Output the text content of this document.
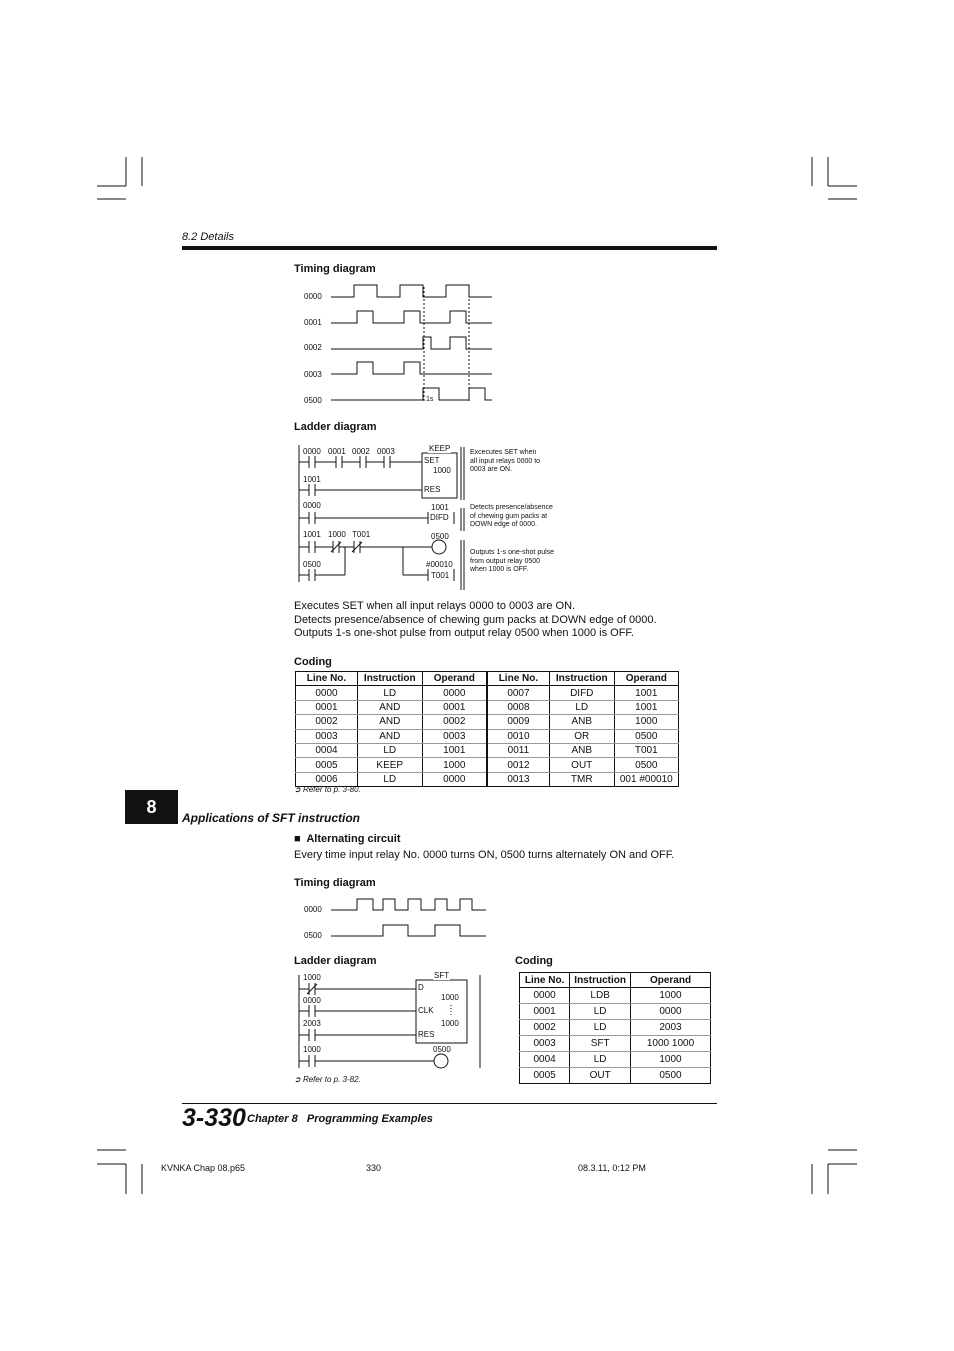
8.2 Details
Timing diagram
0000
0001
0002
0003
0500	1s
Ladder diagram
0000 0001 0002 0003	KEEP
SET
1000
RES
1001
0000	1001
DIFD
1001 1000 T001	0500
0500	#00010
T001
Excecutes SET when
all input relays 0000 to
0003 are ON.
Detects presence/absence
of chewing gum packs at
DOWN edge of 0000.
Outputs 1-s one-shot pulse
from output relay 0500
when 1000 is OFF.
Executes SET when all input relays 0000 to 0003 are ON.
Detects presence/absence of chewing gum packs at DOWN edge of 0000.
Outputs 1-s one-shot pulse from output relay 0500 when 1000 is OFF.
Coding
Line No.	Instruction	Operand	Line No.	Instruction	Operand
0000	LD	0000	0007	DIFD	1001
0001	AND	0001	0008	LD	1001
0002	AND	0002	0009	ANB	1000
0003	AND	0003	0010	OR	0500
0004	LD	1001	0011	ANB	T001
0005	KEEP	1000	0012	OUT	0500
0006	LD	0000	0013	TMR	001 #00010
➲ Refer to p. 3-80.
8
Applications of SFT instruction
■  Alternating circuit
Every time input relay No. 0000 turns ON, 0500 turns alternately ON and OFF.
Timing diagram
0000
0500
Ladder diagram
1000
0000
2003
1000
SFT
D
1000
CLK
1000
RES
0500
➲ Refer to p. 3-82.
Coding
Line No.	Instruction	Operand
0000	LDB	1000
0001	LD	0000
0002	LD	2003
0003	SFT	1000 1000
0004	LD	1000
0005	OUT	0500
3-330 Chapter 8   Programming Examples
KVNKA Chap 08.p65	330	08.3.11, 0:12 PM
